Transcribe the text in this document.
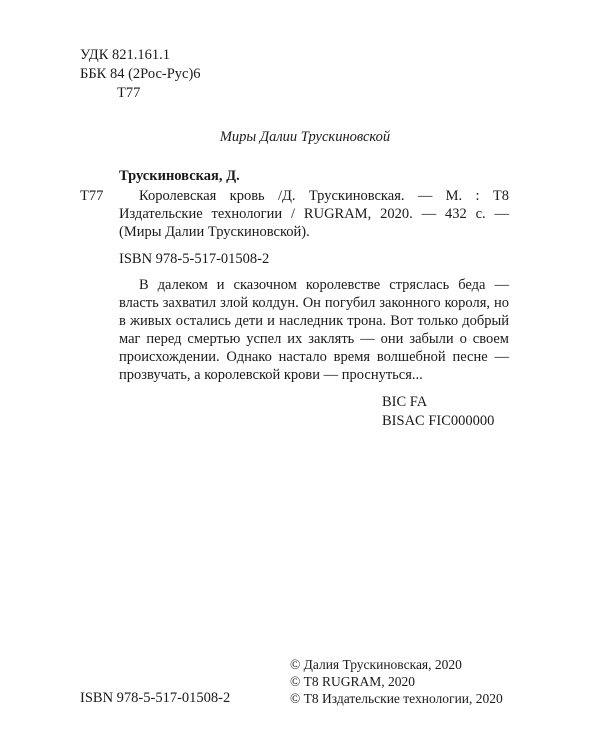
УДК 821.161.1
ББК 84 (2Рос-Рус)6
Т77
Миры Далии Трускиновской
Трускиновская, Д.
Т77	Королевская кровь /Д. Трускиновская. — М. : Т8 Издательские технологии / RUGRAM, 2020. — 432 с. — (Миры Далии Трускиновской).
ISBN 978-5-517-01508-2
В далеком и сказочном королевстве стряслась беда — власть захватил злой колдун. Он погубил законного короля, но в живых остались дети и наследник трона. Вот только добрый маг перед смертью успел их заклять — они забыли о своем происхождении. Однако настало время волшебной песне — прозвучать, а королевской крови — проснуться...
BIC FA
BISAC FIC000000
ISBN 978-5-517-01508-2
© Далия Трускиновская, 2020
© Т8 RUGRAM, 2020
© Т8 Издательские технологии, 2020
